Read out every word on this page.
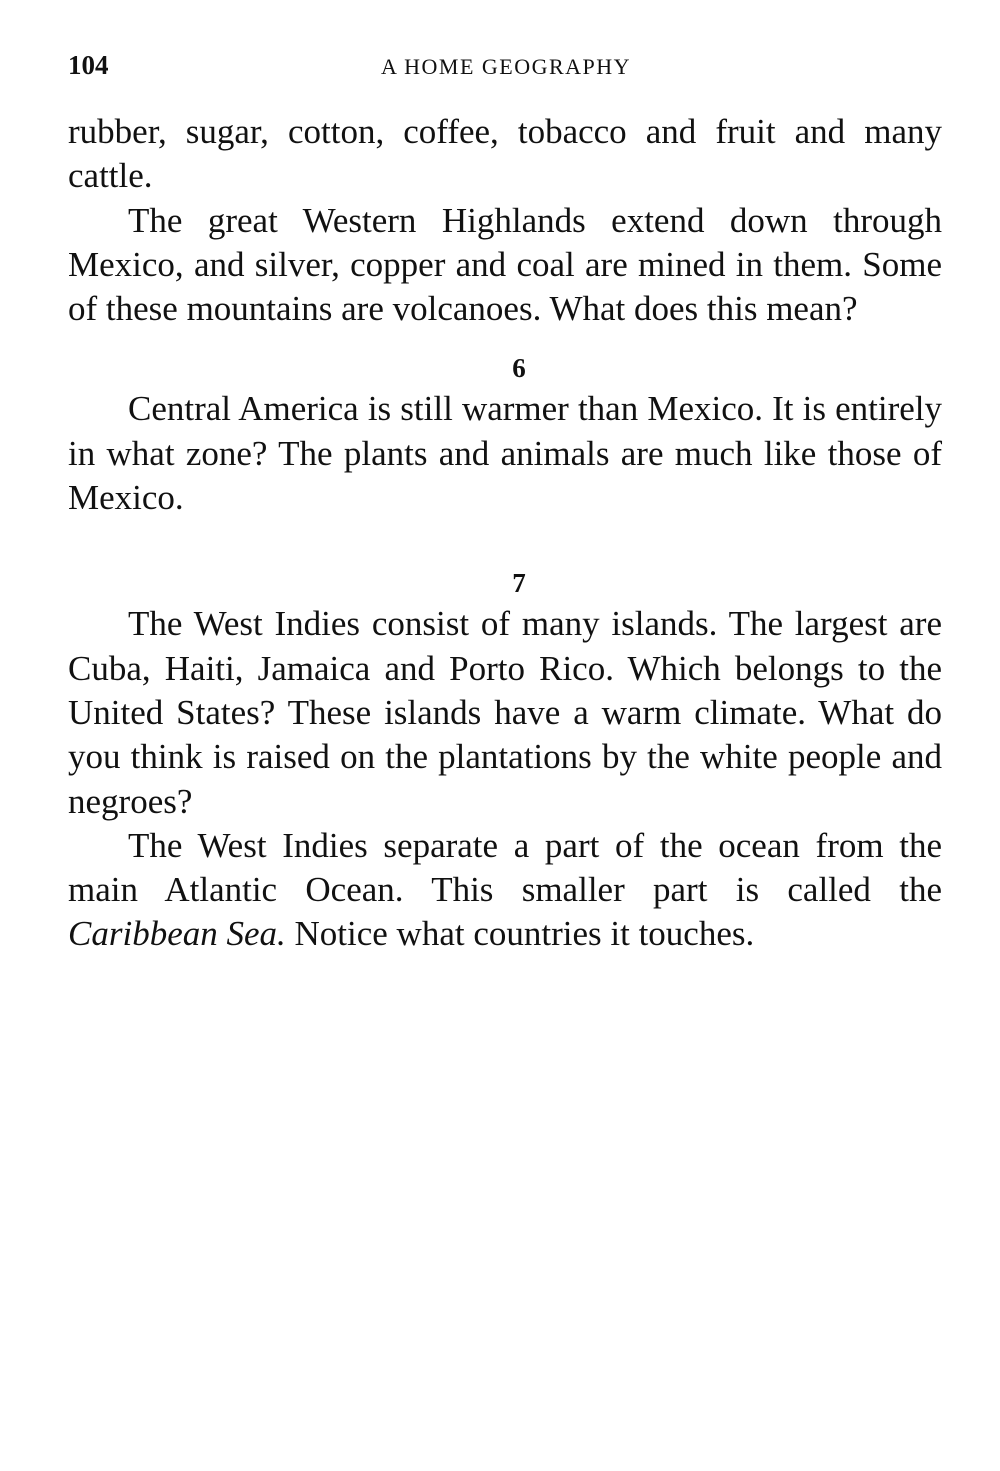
104	A HOME GEOGRAPHY

rubber, sugar, cotton, coffee, tobacco and fruit and many cattle.

The great Western Highlands extend down through Mexico, and silver, copper and coal are mined in them. Some of these mountains are volcanoes. What does this mean?

6

Central America is still warmer than Mexico. It is entirely in what zone? The plants and animals are much like those of Mexico.

7

The West Indies consist of many islands. The largest are Cuba, Haiti, Jamaica and Porto Rico. Which belongs to the United States? These islands have a warm climate. What do you think is raised on the plantations by the white people and negroes?

The West Indies separate a part of the ocean from the main Atlantic Ocean. This smaller part is called the Caribbean Sea. Notice what countries it touches.
